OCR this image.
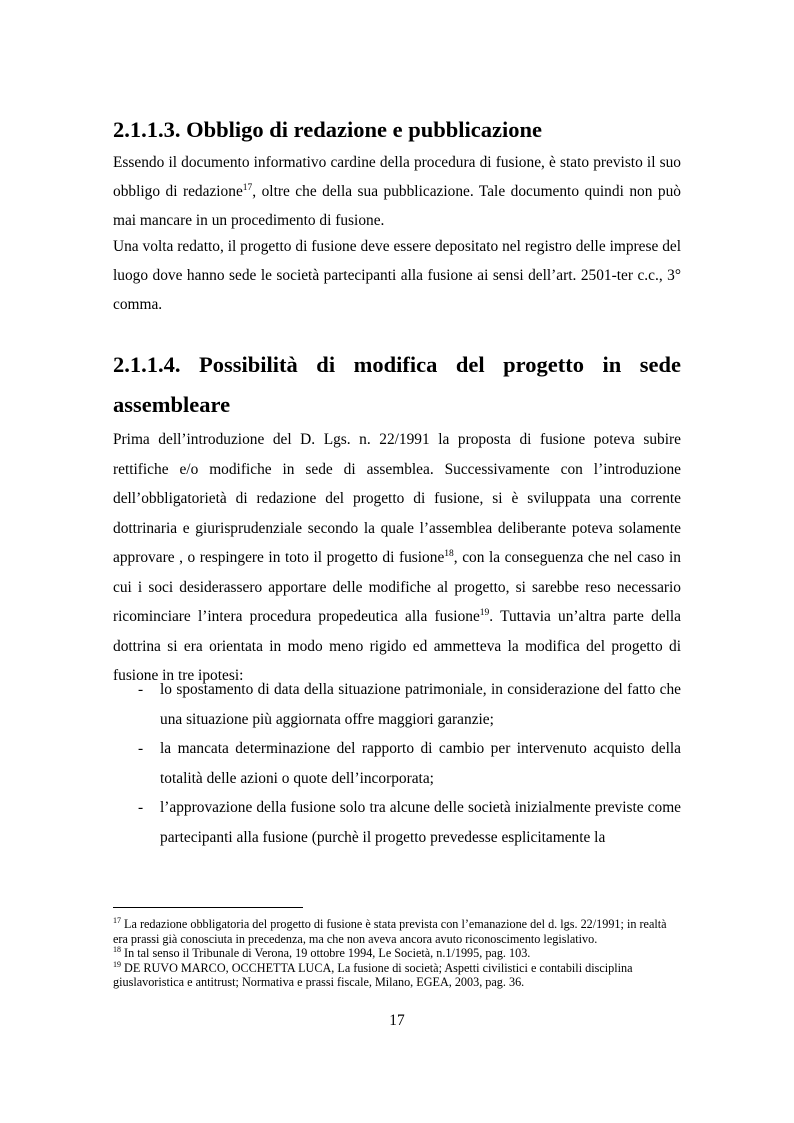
2.1.1.3. Obbligo di redazione e pubblicazione

Essendo il documento informativo cardine della procedura di fusione, è stato previsto il suo obbligo di redazione$^{17}$, oltre che della sua pubblicazione. Tale documento quindi non può mai mancare in un procedimento di fusione.

Una volta redatto, il progetto di fusione deve essere depositato nel registro delle imprese del luogo dove hanno sede le società partecipanti alla fusione ai sensi dell’art. 2501-ter c.c., 3° comma.

2.1.1.4. Possibilità di modifica del progetto in sede assembleare

Prima dell’introduzione del D. Lgs. n. 22/1991 la proposta di fusione poteva subire rettifiche e/o modifiche in sede di assemblea. Successivamente con l’introduzione dell’obbligatorietà di redazione del progetto di fusione, si è sviluppata una corrente dottrinaria e giurisprudenziale secondo la quale l’assemblea deliberante poteva solamente approvare , o respingere in toto il progetto di fusione$^{18}$, con la conseguenza che nel caso in cui i soci desiderassero apportare delle modifiche al progetto, si sarebbe reso necessario ricominciare l’intera procedura propedeutica alla fusione$^{19}$. Tuttavia un’altra parte della dottrina si era orientata in modo meno rigido ed ammetteva la modifica del progetto di fusione in tre ipotesi:

- lo spostamento di data della situazione patrimoniale, in considerazione del fatto che una situazione più aggiornata offre maggiori garanzie;
- la mancata determinazione del rapporto di cambio per intervenuto acquisto della totalità delle azioni o quote dell’incorporata;
- l’approvazione della fusione solo tra alcune delle società inizialmente previste come partecipanti alla fusione (purchè il progetto prevedesse esplicitamente la

$^{17}$ La redazione obbligatoria del progetto di fusione è stata prevista con l’emanazione del d. lgs. 22/1991; in realtà era prassi già conosciuta in precedenza, ma che non aveva ancora avuto riconoscimento legislativo.

$^{18}$ In tal senso il Tribunale di Verona, 19 ottobre 1994, Le Società, n.1/1995, pag. 103.

$^{19}$ DE RUVO MARCO, OCCHETTA LUCA, La fusione di società; Aspetti civilistici e contabili disciplina giuslavoristica e antitrust; Normativa e prassi fiscale, Milano, EGEA, 2003, pag. 36.

17
